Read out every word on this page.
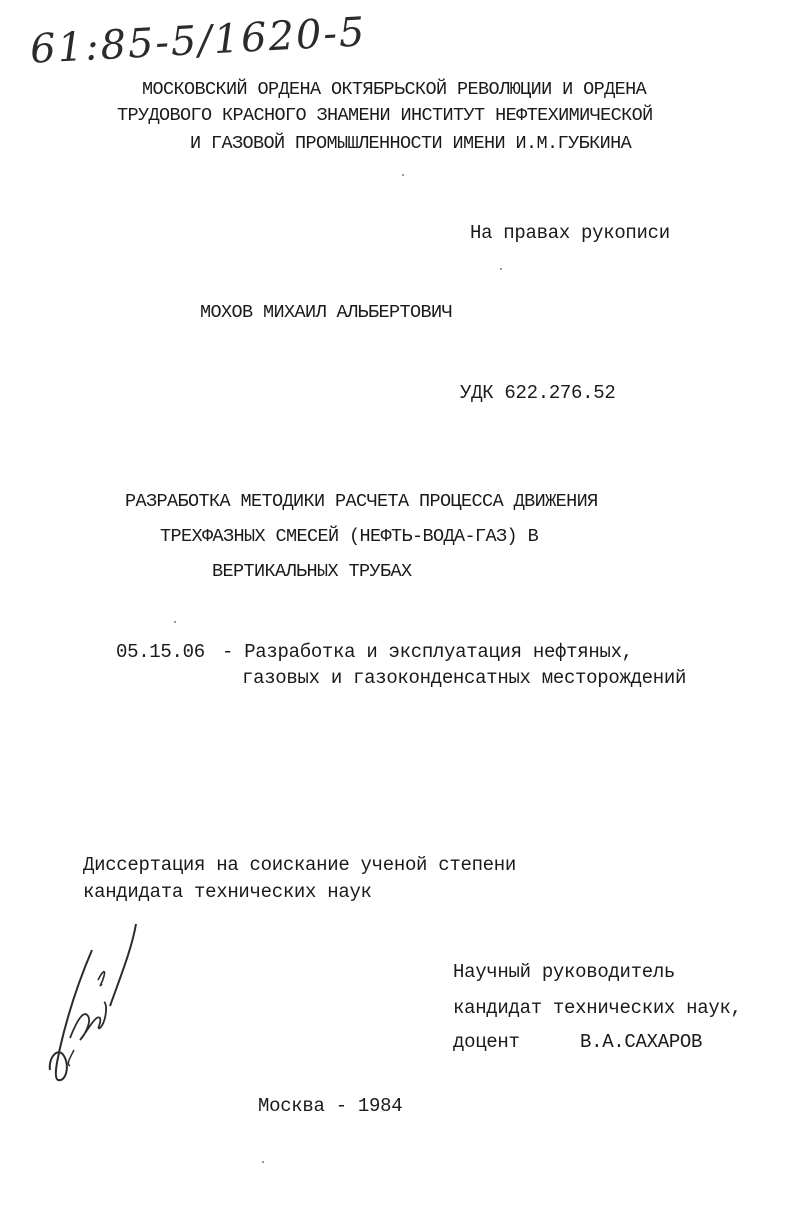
61:85-5/1620-5
МОСКОВСКИЙ ОРДЕНА ОКТЯБРЬСКОЙ РЕВОЛЮЦИИ И ОРДЕНА
ТРУДОВОГО КРАСНОГО ЗНАМЕНИ ИНСТИТУТ НЕФТЕХИМИЧЕСКОЙ
И ГАЗОВОЙ ПРОМЫШЛЕННОСТИ ИМЕНИ И.М.ГУБКИНА
На правах рукописи
МОХОВ МИХАИЛ АЛЬБЕРТОВИЧ
УДК 622.276.52
РАЗРАБОТКА МЕТОДИКИ РАСЧЕТА ПРОЦЕССА ДВИЖЕНИЯ
ТРЕХФАЗНЫХ СМЕСЕЙ (НЕФТЬ-ВОДА-ГАЗ) В
ВЕРТИКАЛЬНЫХ ТРУБАХ
05.15.06 - Разработка и эксплуатация нефтяных,
газовых и газоконденсатных месторождений
Диссертация на соискание ученой степени
кандидата технических наук
Научный руководитель
кандидат технических наук,
доцент	В.А.САХАРОВ
Москва - 1984
